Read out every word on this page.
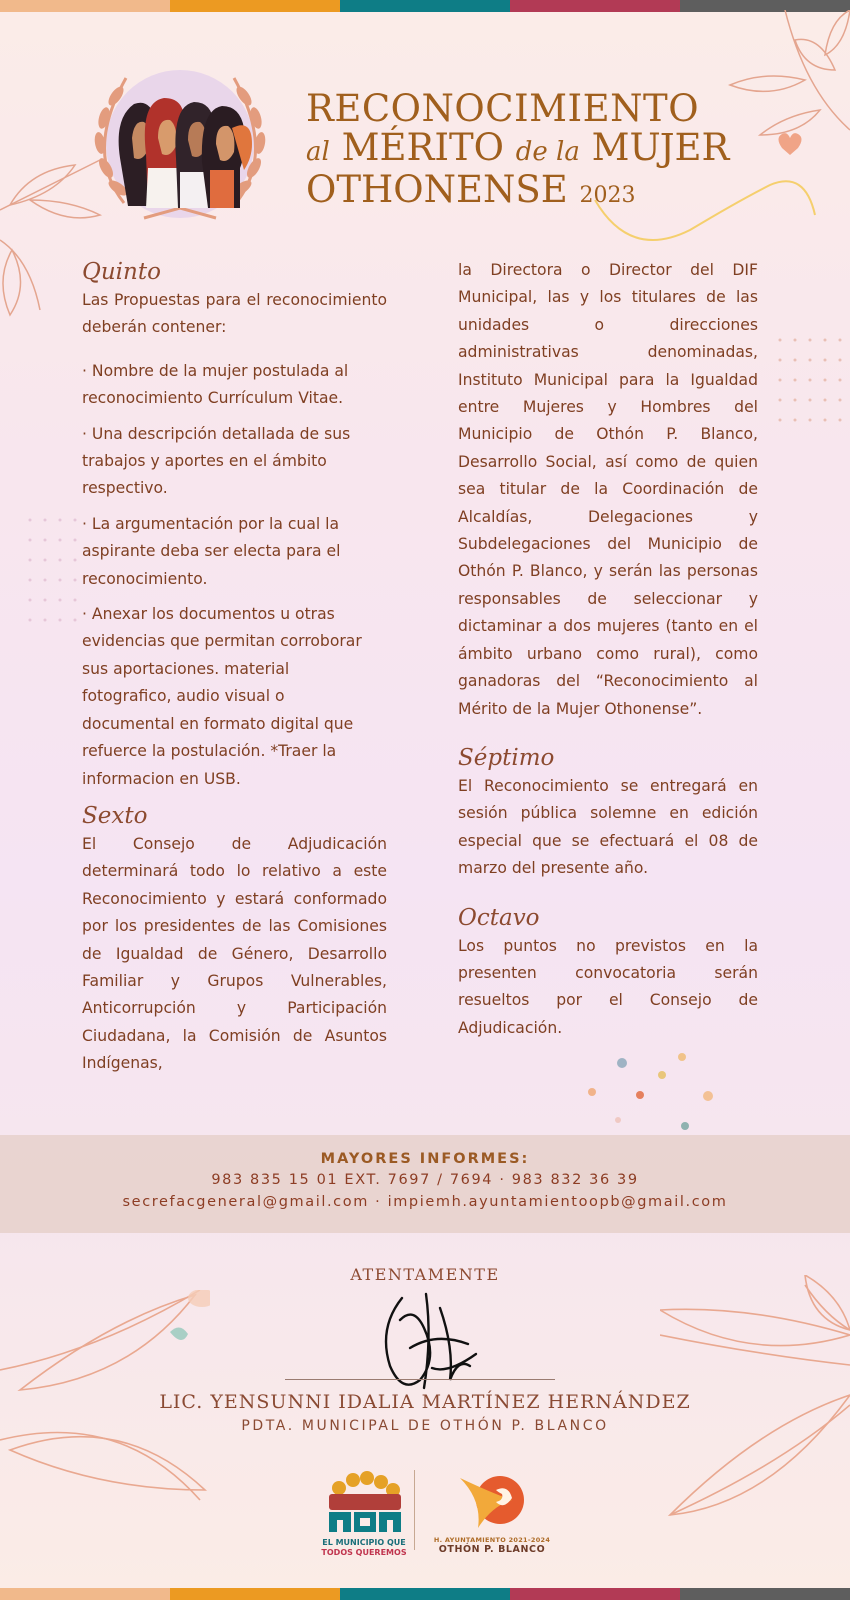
RECONOCIMIENTO
al MÉRITO de la MUJER
OTHONENSE 2023
Quinto

Las Propuestas para el reconocimiento deberán contener:

· Nombre de la mujer postulada al reconocimiento Currículum Vitae.

· Una descripción detallada de sus trabajos y aportes en el ámbito respectivo.

· La argumentación por la cual la aspirante deba ser electa para el reconocimiento.

· Anexar los documentos u otras evidencias que permitan corroborar sus aportaciones. material fotografico, audio visual o documental en formato digital que refuerce la postulación. *Traer la informacion en USB.

Sexto

El Consejo de Adjudicación determinará todo lo relativo a este Reconocimiento y estará conformado por los presidentes de las Comisiones de Igualdad de Género, Desarrollo Familiar y Grupos Vulnerables, Anticorrupción y Participación Ciudadana, la Comisión de Asuntos Indígenas,

la Directora o Director del DIF Municipal, las y los titulares de las unidades o direcciones administrativas denominadas, Instituto Municipal para la Igualdad entre Mujeres y Hombres del Municipio de Othón P. Blanco, Desarrollo Social, así como de quien sea titular de la Coordinación de Alcaldías, Delegaciones y Subdelegaciones del Municipio de Othón P. Blanco, y serán las personas responsables de seleccionar y dictaminar a dos mujeres (tanto en el ámbito urbano como rural), como ganadoras del “Reconocimiento al Mérito de la Mujer Othonense”.

Séptimo

El Reconocimiento se entregará en sesión pública solemne en edición especial que se efectuará el 08 de marzo del presente año.

Octavo

Los puntos no previstos en la presenten convocatoria serán resueltos por el Consejo de Adjudicación.

MAYORES INFORMES:
983 835 15 01 EXT. 7697 / 7694 · 983 832 36 39
secrefacgeneral@gmail.com · impiemh.ayuntamientoopb@gmail.com
ATENTAMENTE
LIC. YENSUNNI IDALIA MARTÍNEZ HERNÁNDEZ
PDTA. MUNICIPAL DE OTHÓN P. BLANCO
EL MUNICIPIO QUE
TODOS QUEREMOS
H. AYUNTAMIENTO 2021-2024
OTHÓN P. BLANCO
